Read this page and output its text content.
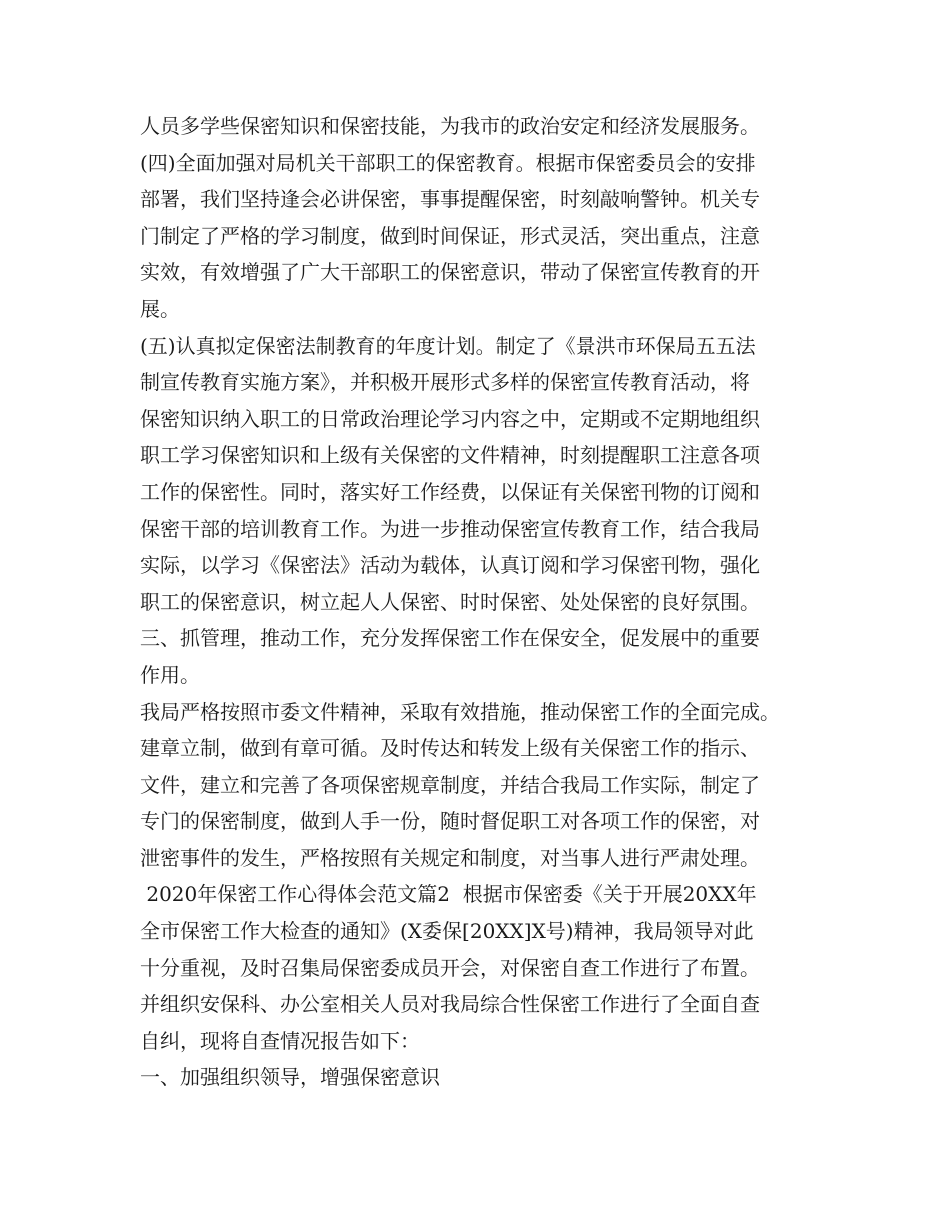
人员多学些保密知识和保密技能，为我市的政治安定和经济发展服务。
(四)全面加强对局机关干部职工的保密教育。根据市保密委员会的安排
部署，我们坚持逢会必讲保密，事事提醒保密，时刻敲响警钟。机关专
门制定了严格的学习制度，做到时间保证，形式灵活，突出重点，注意
实效，有效增强了广大干部职工的保密意识，带动了保密宣传教育的开
展。
(五)认真拟定保密法制教育的年度计划。制定了《景洪市环保局五五法
制宣传教育实施方案》，并积极开展形式多样的保密宣传教育活动，将
保密知识纳入职工的日常政治理论学习内容之中，定期或不定期地组织
职工学习保密知识和上级有关保密的文件精神，时刻提醒职工注意各项
工作的保密性。同时，落实好工作经费，以保证有关保密刊物的订阅和
保密干部的培训教育工作。为进一步推动保密宣传教育工作，结合我局
实际，以学习《保密法》活动为载体，认真订阅和学习保密刊物，强化
职工的保密意识，树立起人人保密、时时保密、处处保密的良好氛围。
三、抓管理，推动工作，充分发挥保密工作在保安全，促发展中的重要
作用。
我局严格按照市委文件精神，采取有效措施，推动保密工作的全面完成。
建章立制，做到有章可循。及时传达和转发上级有关保密工作的指示、
文件，建立和完善了各项保密规章制度，并结合我局工作实际，制定了
专门的保密制度，做到人手一份，随时督促职工对各项工作的保密，对
泄密事件的发生，严格按照有关规定和制度，对当事人进行严肃处理。
2020年保密工作心得体会范文篇2  根据市保密委《关于开展20XX年
全市保密工作大检查的通知》(X委保[20XX]X号)精神，我局领导对此
十分重视，及时召集局保密委成员开会，对保密自查工作进行了布置。
并组织安保科、办公室相关人员对我局综合性保密工作进行了全面自查
自纠，现将自查情况报告如下：
一、加强组织领导，增强保密意识
